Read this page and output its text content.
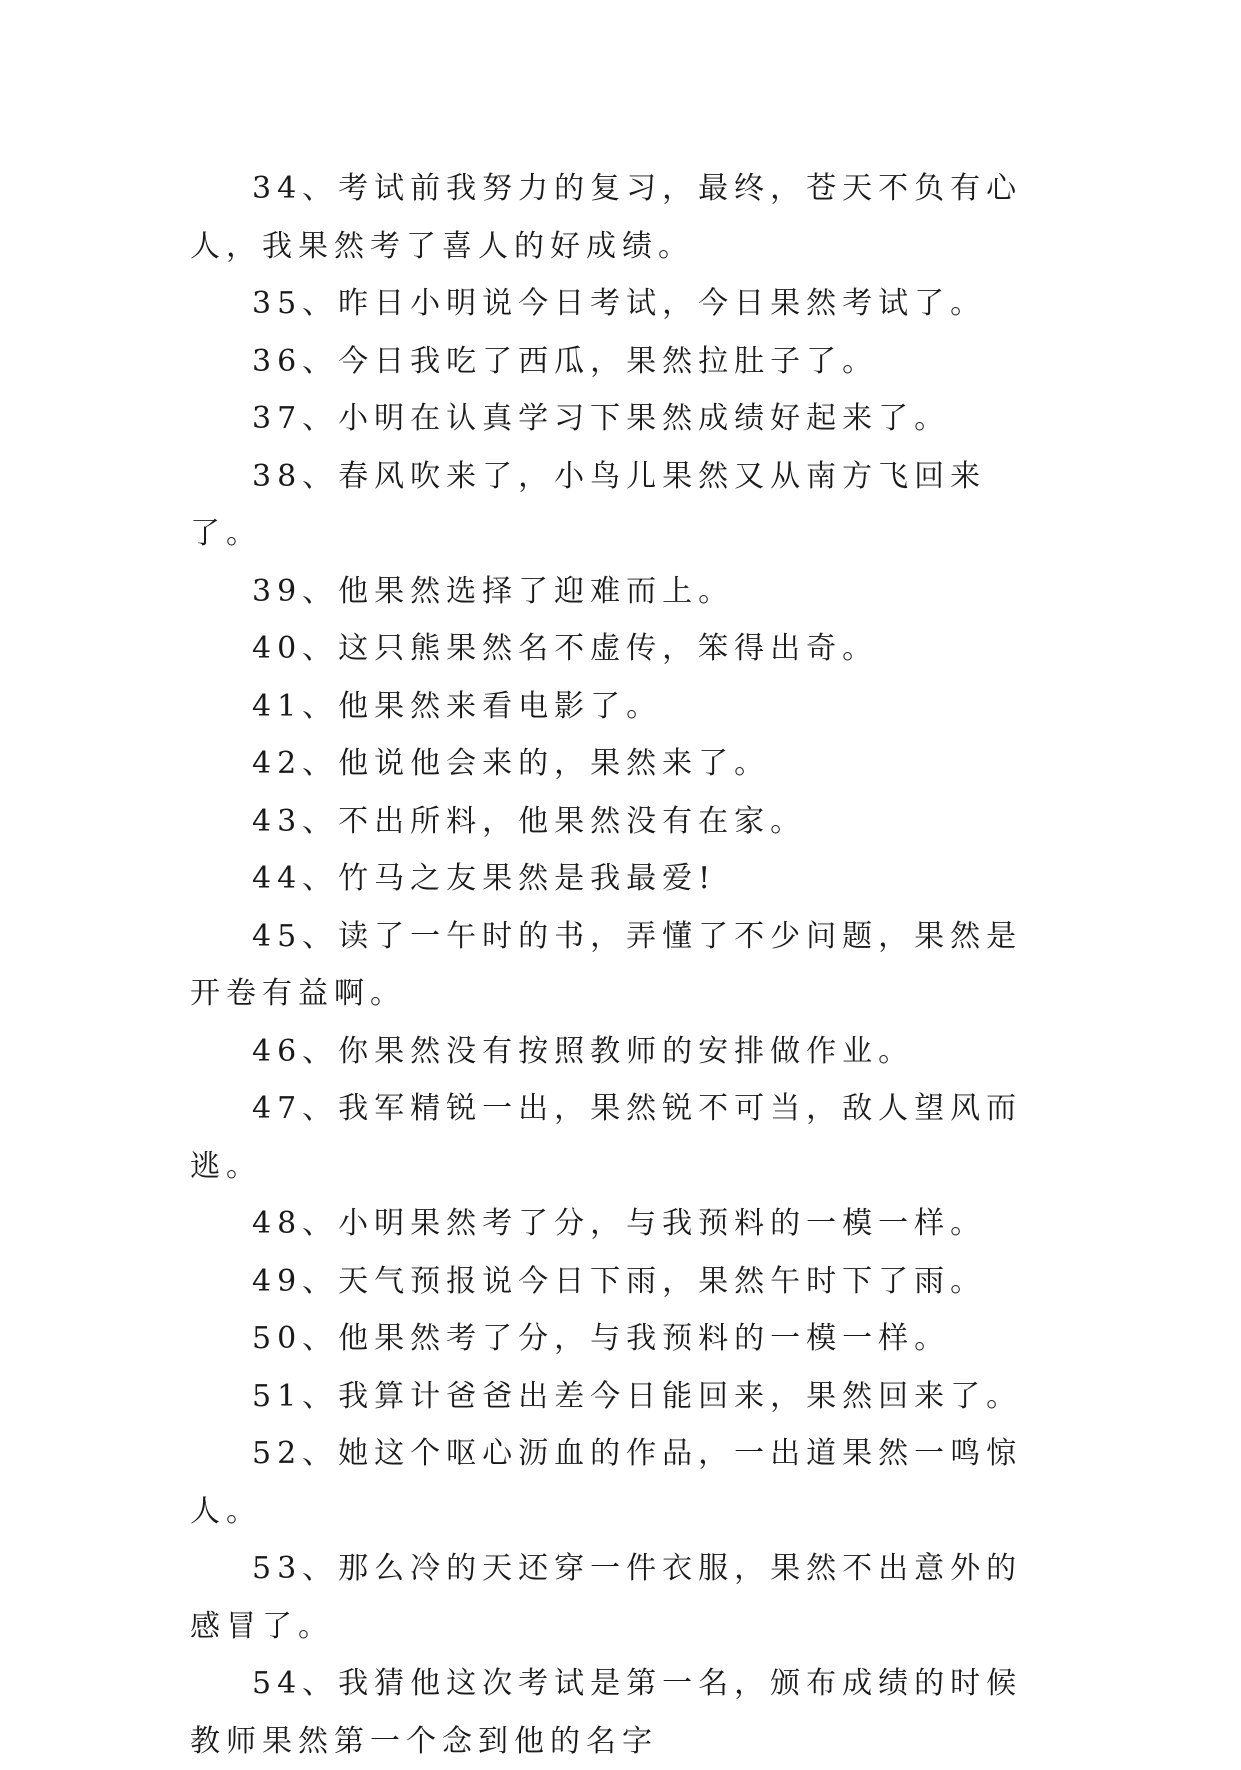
34、考试前我努力的复习，最终，苍天不负有心人，我果然考了喜人的好成绩。

35、昨日小明说今日考试，今日果然考试了。

36、今日我吃了西瓜，果然拉肚子了。

37、小明在认真学习下果然成绩好起来了。

38、春风吹来了，小鸟儿果然又从南方飞回来了。

39、他果然选择了迎难而上。

40、这只熊果然名不虚传，笨得出奇。

41、他果然来看电影了。

42、他说他会来的，果然来了。

43、不出所料，他果然没有在家。

44、竹马之友果然是我最爱!

45、读了一午时的书，弄懂了不少问题，果然是开卷有益啊。

46、你果然没有按照教师的安排做作业。

47、我军精锐一出，果然锐不可当，敌人望风而逃。

48、小明果然考了分，与我预料的一模一样。

49、天气预报说今日下雨，果然午时下了雨。

50、他果然考了分，与我预料的一模一样。

51、我算计爸爸出差今日能回来，果然回来了。

52、她这个呕心沥血的作品，一出道果然一鸣惊人。

53、那么冷的天还穿一件衣服，果然不出意外的感冒了。

54、我猜他这次考试是第一名，颁布成绩的时候教师果然第一个念到他的名字
